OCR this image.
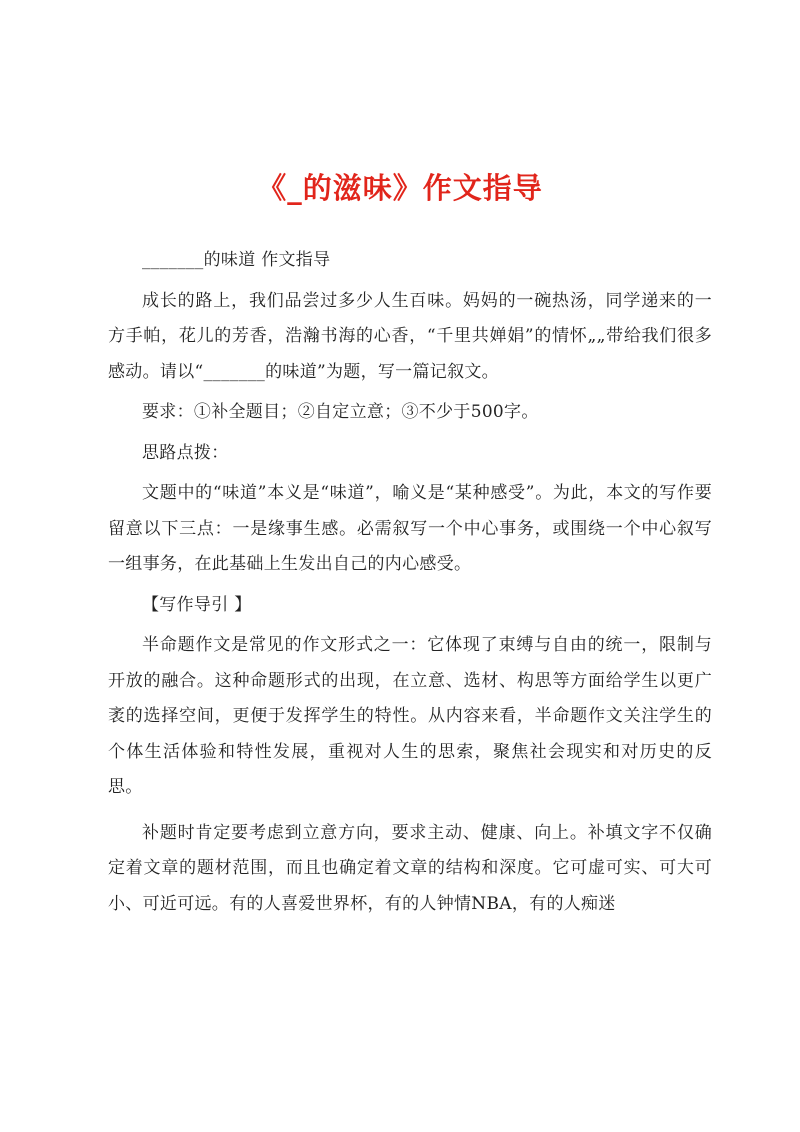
《_的滋味》作文指导

_______的味道 作文指导

成长的路上，我们品尝过多少人生百味。妈妈的一碗热汤，同学递来的一方手帕，花儿的芳香，浩瀚书海的心香，“千里共婵娟”的情怀„„带给我们很多感动。请以“_______的味道”为题，写一篇记叙文。

要求：①补全题目；②自定立意；③不少于500字。

思路点拨：

文题中的“味道”本义是“味道”，喻义是“某种感受”。为此，本文的写作要留意以下三点：一是缘事生感。必需叙写一个中心事务，或围绕一个中心叙写一组事务，在此基础上生发出自己的内心感受。

【写作导引 】

半命题作文是常见的作文形式之一：它体现了束缚与自由的统一，限制与开放的融合。这种命题形式的出现，在立意、选材、构思等方面给学生以更广袤的选择空间，更便于发挥学生的特性。从内容来看，半命题作文关注学生的个体生活体验和特性发展，重视对人生的思索，聚焦社会现实和对历史的反思。

补题时肯定要考虑到立意方向，要求主动、健康、向上。补填文字不仅确定着文章的题材范围，而且也确定着文章的结构和深度。它可虚可实、可大可小、可近可远。有的人喜爱世界杯，有的人钟情NBA，有的人痴迷
